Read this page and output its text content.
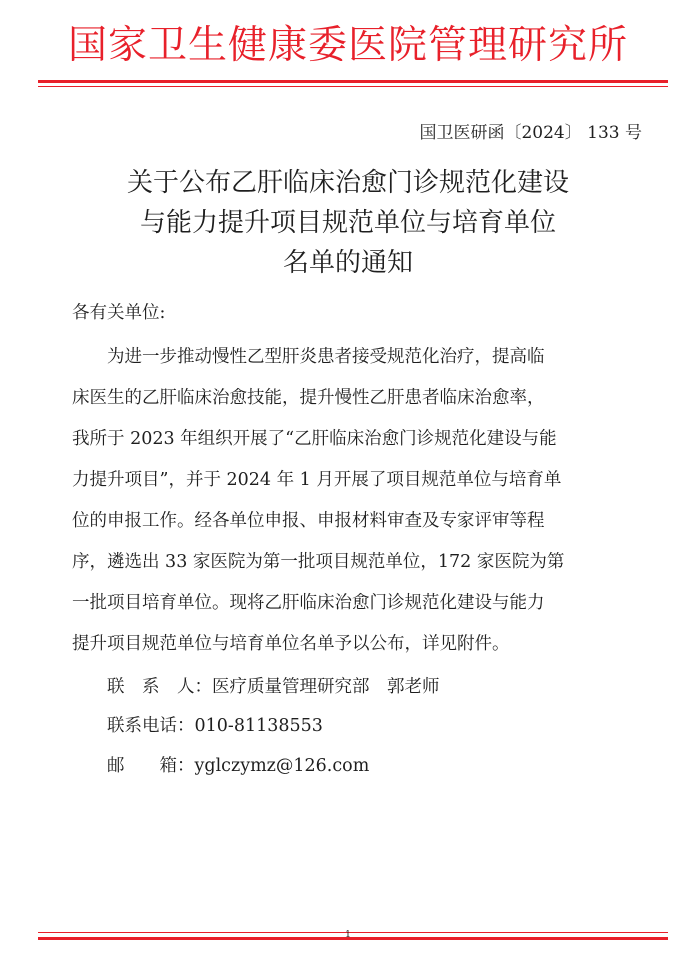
国家卫生健康委医院管理研究所
国卫医研函〔2024〕 133 号
关于公布乙肝临床治愈门诊规范化建设
与能力提升项目规范单位与培育单位
名单的通知
各有关单位:
　　为进一步推动慢性乙型肝炎患者接受规范化治疗，提高临
床医生的乙肝临床治愈技能，提升慢性乙肝患者临床治愈率，
我所于 2023 年组织开展了“乙肝临床治愈门诊规范化建设与能
力提升项目”，并于 2024 年 1 月开展了项目规范单位与培育单
位的申报工作。经各单位申报、申报材料审查及专家评审等程
序，遴选出 33 家医院为第一批项目规范单位，172 家医院为第
一批项目培育单位。现将乙肝临床治愈门诊规范化建设与能力
提升项目规范单位与培育单位名单予以公布，详见附件。
　　联　系　人：医疗质量管理研究部　郭老师
　　联系电话：010-81138553
　　邮　　箱：yglczymz@126.com
1
